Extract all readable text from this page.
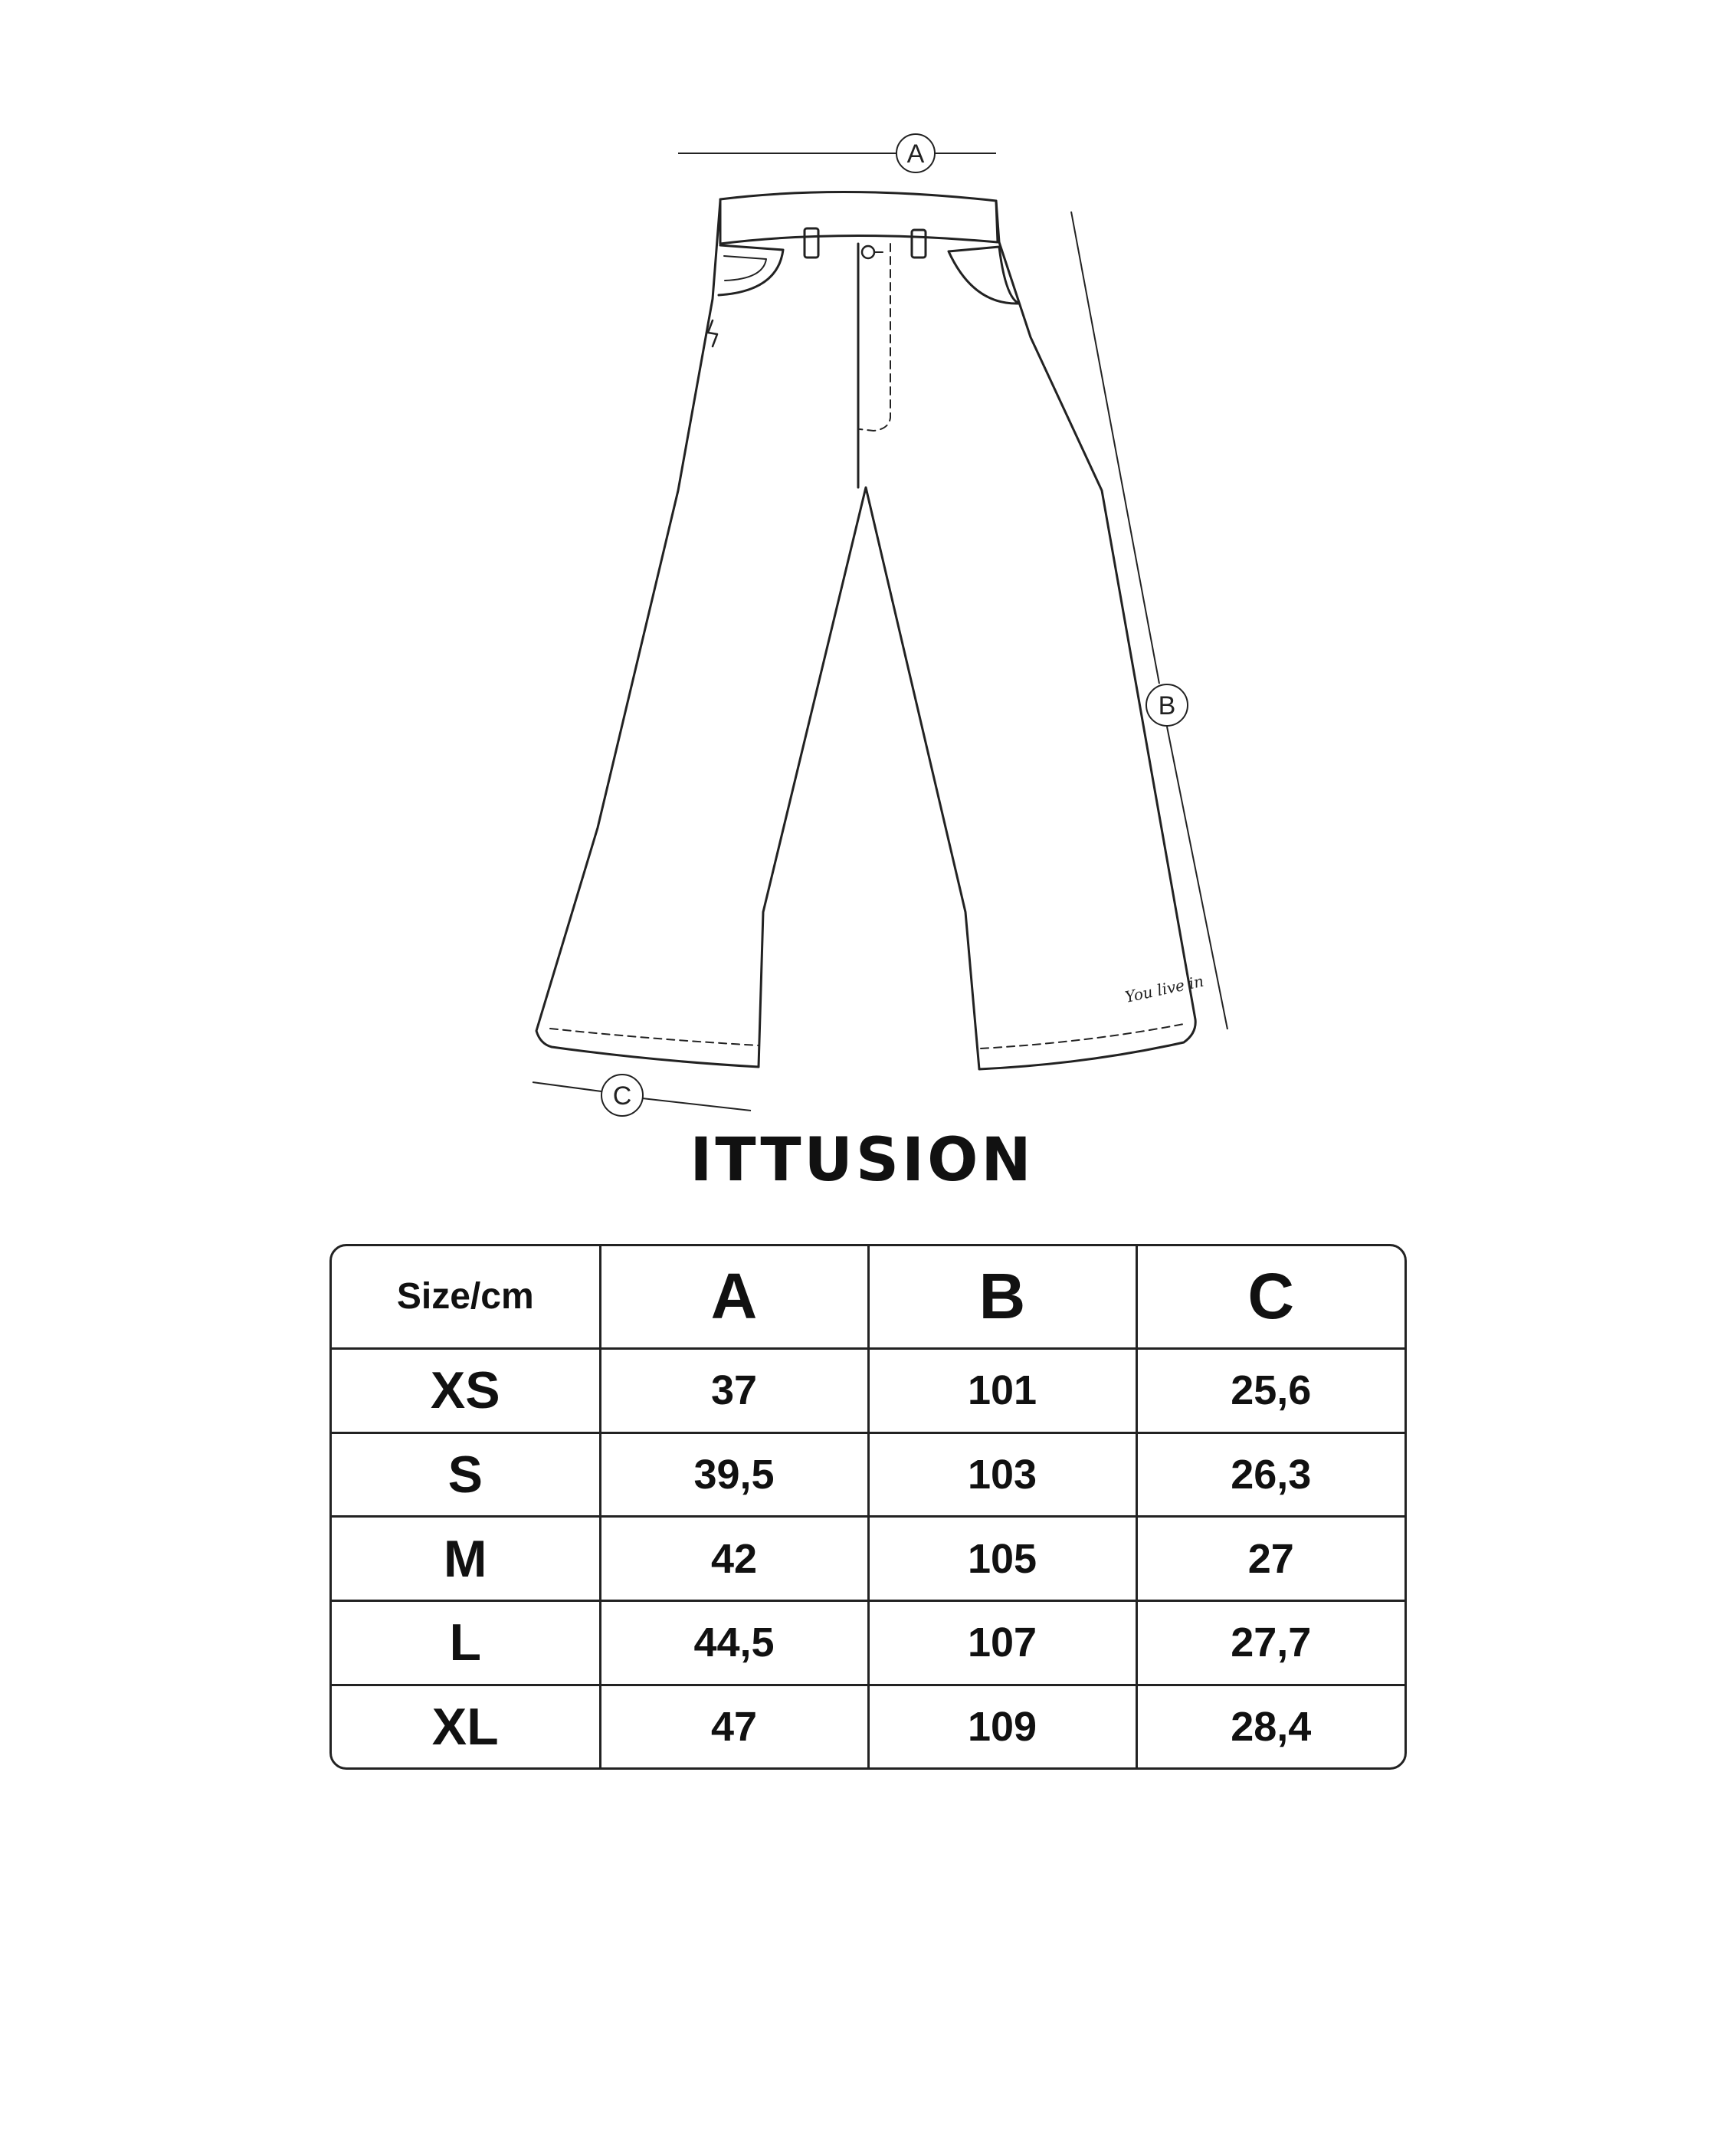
A
B
C
You live in
ITTUSION
Size/cm	A	B	C
XS	37	101	25,6
S	39,5	103	26,3
M	42	105	27
L	44,5	107	27,7
XL	47	109	28,4
